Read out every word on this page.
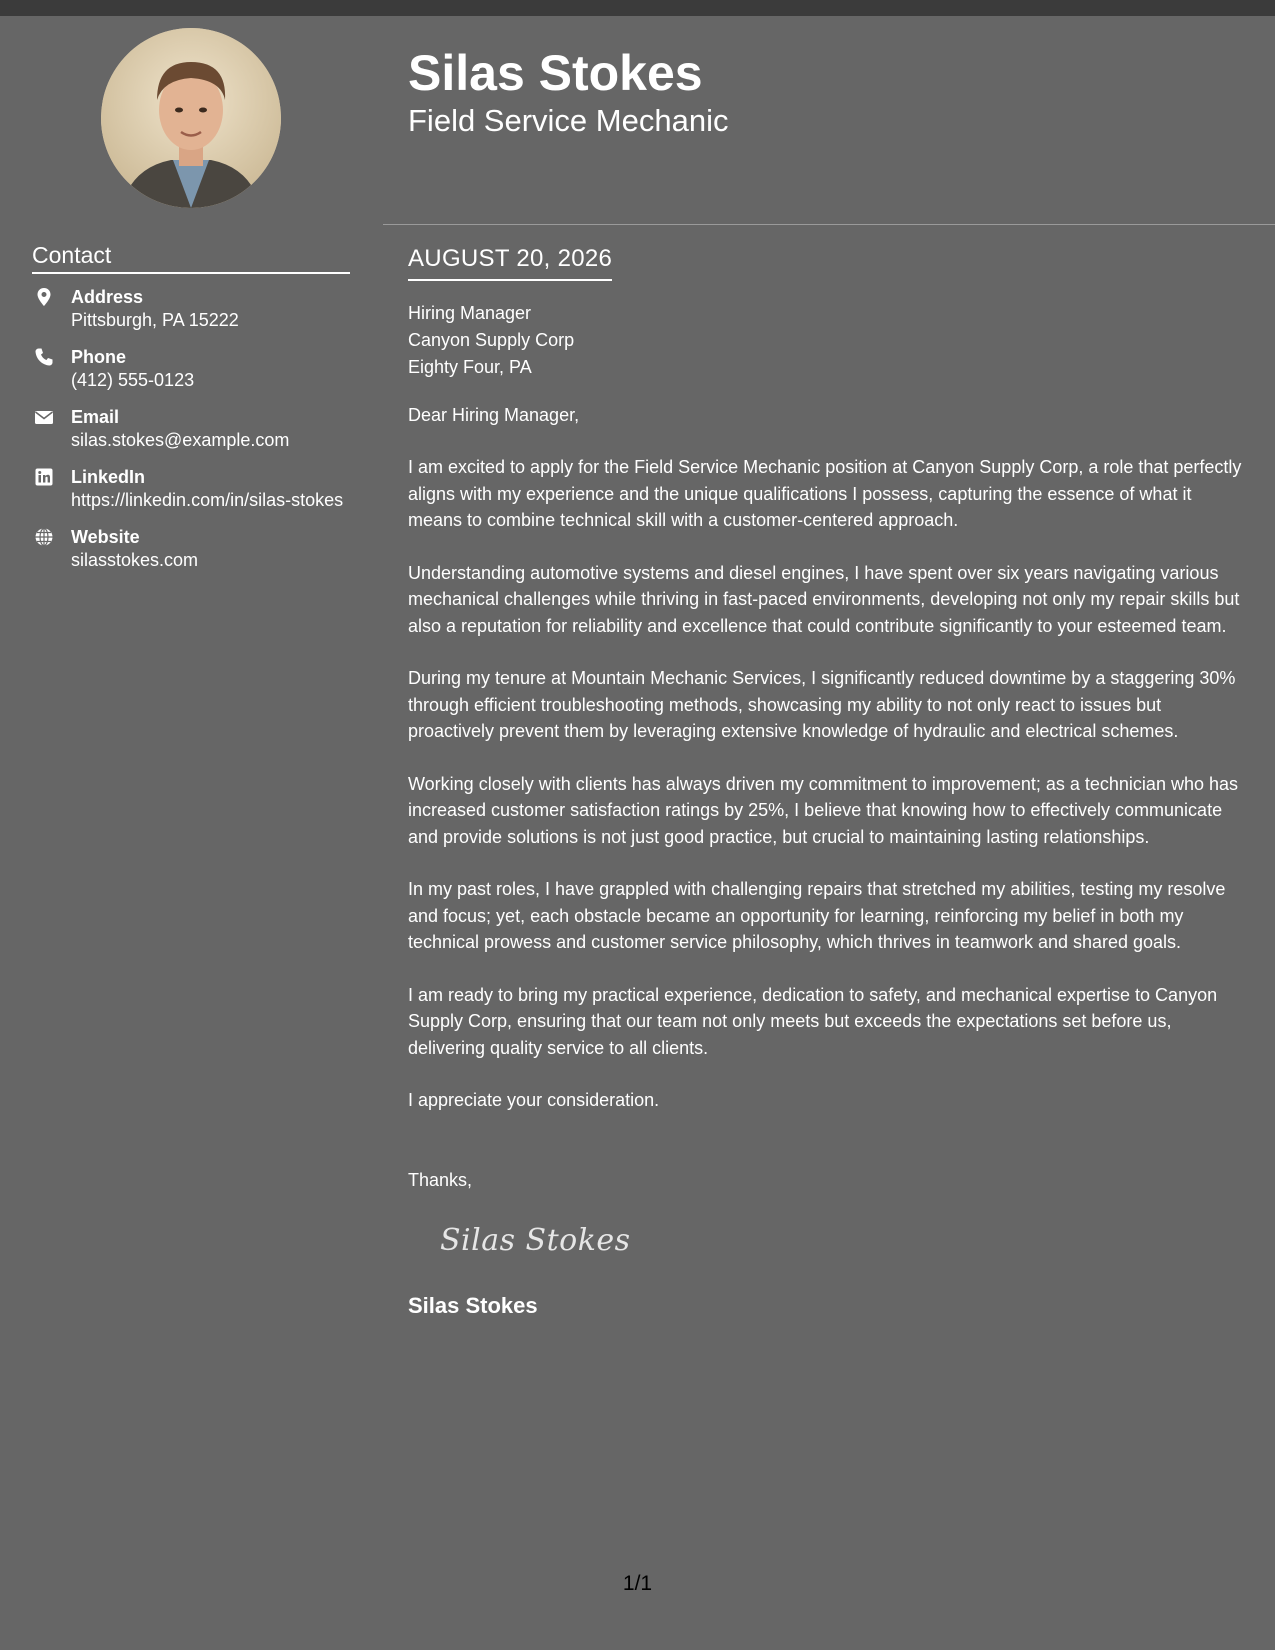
Contact
Address
Pittsburgh, PA 15222
Phone
(412) 555-0123
Email
silas.stokes@example.com
LinkedIn
https://linkedin.com/in/silas-stokes
Website
silasstokes.com
Silas Stokes
Field Service Mechanic
AUGUST 20, 2026
Hiring Manager
Canyon Supply Corp
Eighty Four, PA
Dear Hiring Manager,
I am excited to apply for the Field Service Mechanic position at Canyon Supply Corp, a role that perfectly aligns with my experience and the unique qualifications I possess, capturing the essence of what it means to combine technical skill with a customer-centered approach.
Understanding automotive systems and diesel engines, I have spent over six years navigating various mechanical challenges while thriving in fast-paced environments, developing not only my repair skills but also a reputation for reliability and excellence that could contribute significantly to your esteemed team.
During my tenure at Mountain Mechanic Services, I significantly reduced downtime by a staggering 30% through efficient troubleshooting methods, showcasing my ability to not only react to issues but proactively prevent them by leveraging extensive knowledge of hydraulic and electrical schemes.
Working closely with clients has always driven my commitment to improvement; as a technician who has increased customer satisfaction ratings by 25%, I believe that knowing how to effectively communicate and provide solutions is not just good practice, but crucial to maintaining lasting relationships.
In my past roles, I have grappled with challenging repairs that stretched my abilities, testing my resolve and focus; yet, each obstacle became an opportunity for learning, reinforcing my belief in both my technical prowess and customer service philosophy, which thrives in teamwork and shared goals.
I am ready to bring my practical experience, dedication to safety, and mechanical expertise to Canyon Supply Corp, ensuring that our team not only meets but exceeds the expectations set before us, delivering quality service to all clients.
I appreciate your consideration.
Thanks,
Silas Stokes
Silas Stokes
1/1
